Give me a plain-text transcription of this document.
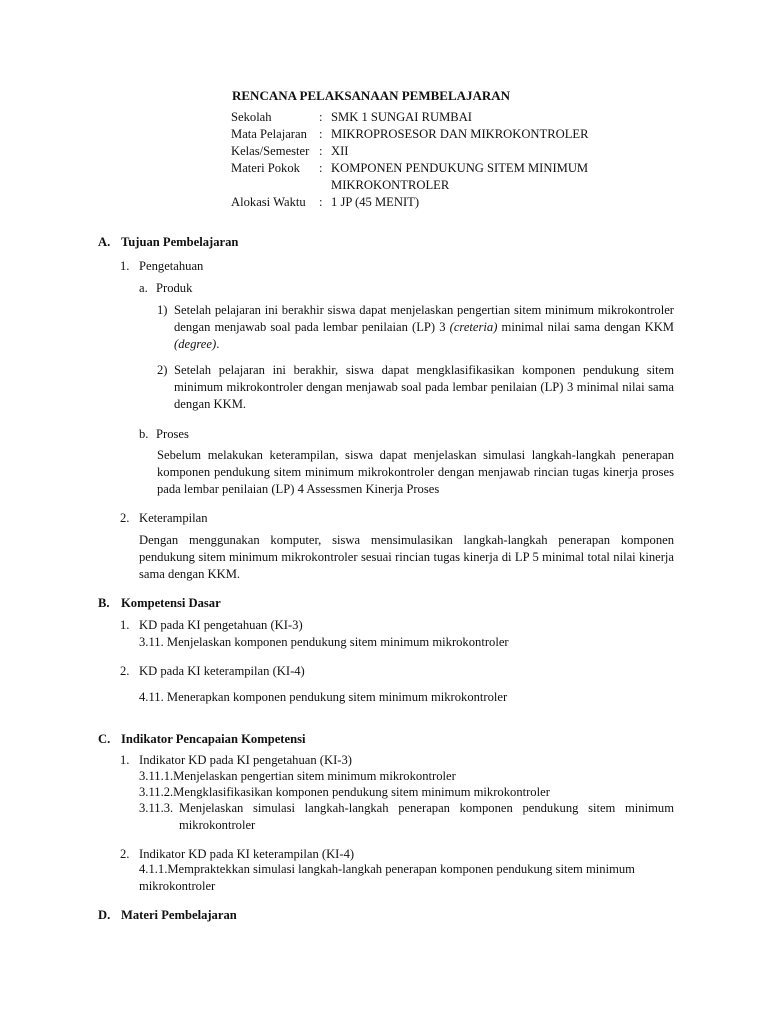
RENCANA PELAKSANAAN PEMBELAJARAN
Sekolah	: SMK 1 SUNGAI RUMBAI
Mata Pelajaran : MIKROPROSESOR DAN MIKROKONTROLER
Kelas/Semester : XII
Materi Pokok	: KOMPONEN PENDUKUNG SITEM MINIMUM MIKROKONTROLER
Alokasi Waktu	: 1 JP (45 MENIT)
A. Tujuan Pembelajaran
1. Pengetahuan
a. Produk
1) Setelah pelajaran ini berakhir siswa dapat menjelaskan pengertian sitem minimum mikrokontroler dengan menjawab soal pada lembar penilaian (LP) 3 (creteria) minimal nilai sama dengan KKM (degree).
2) Setelah pelajaran ini berakhir, siswa dapat mengklasifikasikan komponen pendukung sitem minimum mikrokontroler dengan menjawab soal pada lembar penilaian (LP) 3 minimal nilai sama dengan KKM.
b. Proses
Sebelum melakukan keterampilan, siswa dapat menjelaskan simulasi langkah-langkah penerapan komponen pendukung sitem minimum mikrokontroler dengan menjawab rincian tugas kinerja proses pada lembar penilaian (LP) 4 Assessmen Kinerja Proses
2. Keterampilan
Dengan menggunakan komputer, siswa mensimulasikan langkah-langkah penerapan komponen pendukung sitem minimum mikrokontroler sesuai rincian tugas kinerja di LP 5 minimal total nilai kinerja sama dengan KKM.
B. Kompetensi Dasar
1. KD pada KI pengetahuan (KI-3)
3.11. Menjelaskan komponen pendukung sitem minimum mikrokontroler
2. KD pada KI keterampilan (KI-4)
4.11. Menerapkan komponen pendukung sitem minimum mikrokontroler
C. Indikator Pencapaian Kompetensi
1. Indikator KD pada KI pengetahuan (KI-3)
3.11.1.Menjelaskan pengertian sitem minimum mikrokontroler
3.11.2.Mengklasifikasikan komponen pendukung sitem minimum mikrokontroler
3.11.3. Menjelaskan simulasi langkah-langkah penerapan komponen pendukung sitem minimum mikrokontroler
2. Indikator KD pada KI keterampilan (KI-4)
4.1.1.Mempraktekkan simulasi langkah-langkah penerapan komponen pendukung sitem minimum mikrokontroler
D. Materi Pembelajaran
